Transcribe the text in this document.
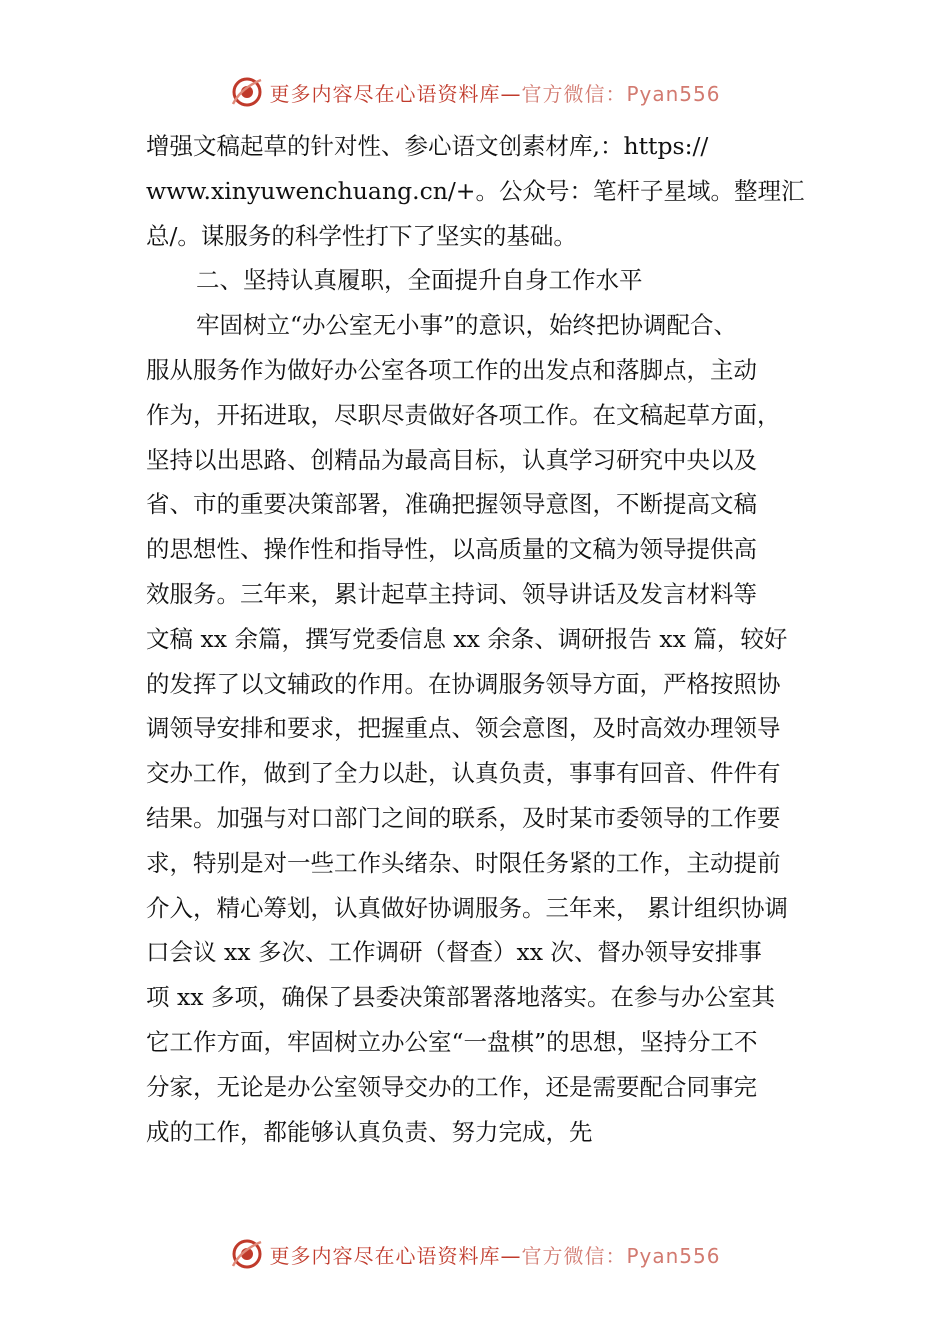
更多内容尽在心语资料库—官方微信：Pyan556
增强文稿起草的针对性、参心语文创素材库,：https://
www.xinyuwenchuang.cn/+。公众号：笔杆子星域。整理汇
总/。谋服务的科学性打下了坚实的基础。
二、坚持认真履职，全面提升自身工作水平
牢固树立“办公室无小事”的意识，始终把协调配合、
服从服务作为做好办公室各项工作的出发点和落脚点，主动
作为，开拓进取，尽职尽责做好各项工作。在文稿起草方面，
坚持以出思路、创精品为最高目标，认真学习研究中央以及
省、市的重要决策部署，准确把握领导意图，不断提高文稿
的思想性、操作性和指导性，以高质量的文稿为领导提供高
效服务。三年来，累计起草主持词、领导讲话及发言材料等
文稿 xx 余篇，撰写党委信息 xx 余条、调研报告 xx 篇，较好
的发挥了以文辅政的作用。在协调服务领导方面，严格按照协
调领导安排和要求，把握重点、领会意图，及时高效办理领导
交办工作，做到了全力以赴，认真负责，事事有回音、件件有
结果。加强与对口部门之间的联系，及时某市委领导的工作要
求，特别是对一些工作头绪杂、时限任务紧的工作，主动提前
介入，精心筹划，认真做好协调服务。三年来， 累计组织协调
口会议 xx 多次、工作调研（督查）xx 次、督办领导安排事
项 xx 多项，确保了县委决策部署落地落实。在参与办公室其
它工作方面，牢固树立办公室“一盘棋”的思想，坚持分工不
分家，无论是办公室领导交办的工作，还是需要配合同事完
成的工作，都能够认真负责、努力完成，先
更多内容尽在心语资料库—官方微信：Pyan556
